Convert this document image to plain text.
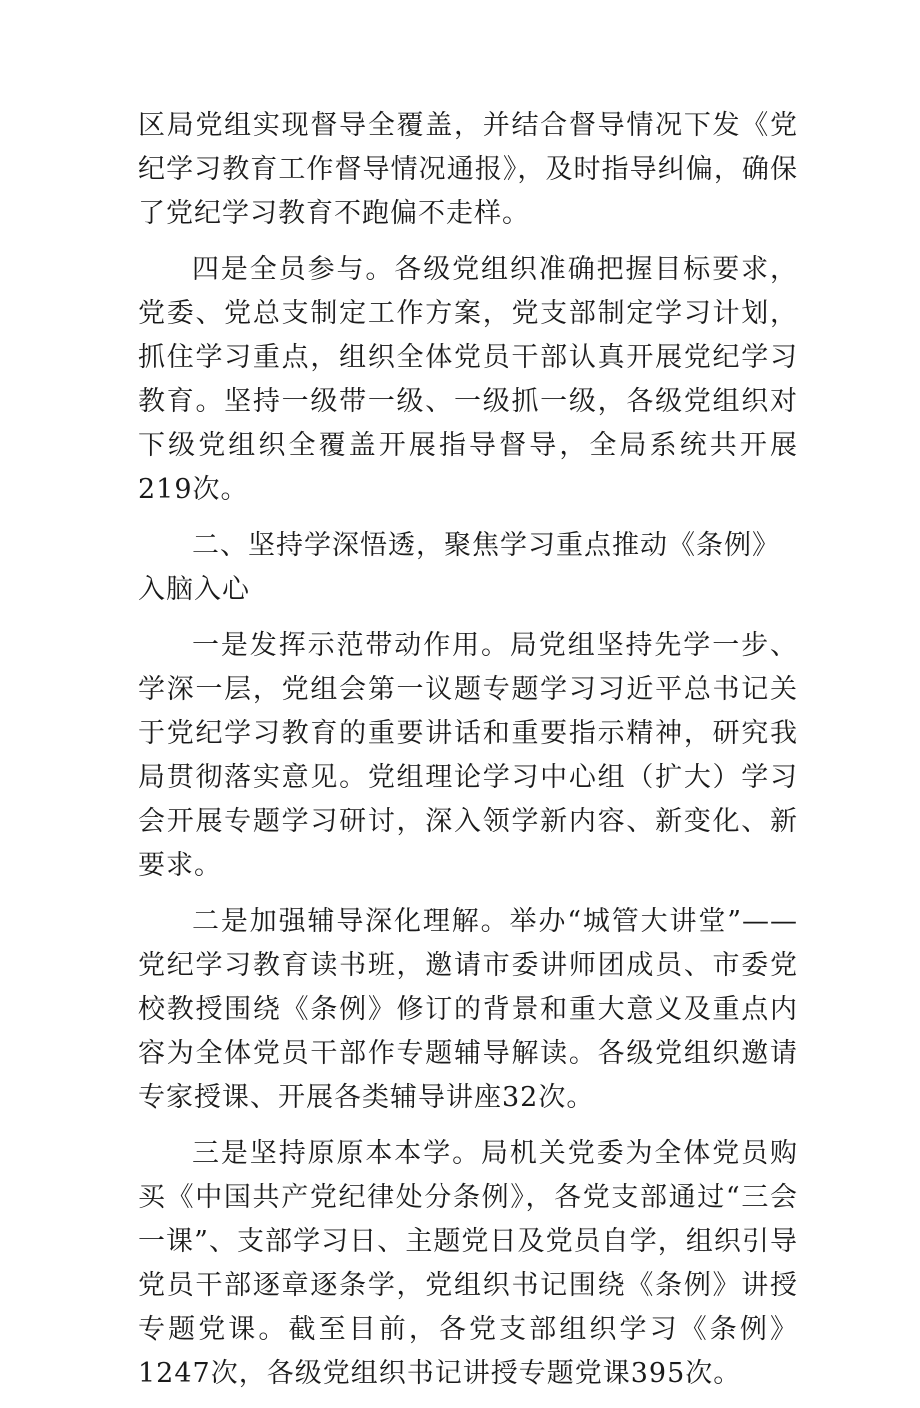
区局党组实现督导全覆盖，并结合督导情况下发《党纪学习教育工作督导情况通报》，及时指导纠偏，确保了党纪学习教育不跑偏不走样。

四是全员参与。各级党组织准确把握目标要求，党委、党总支制定工作方案，党支部制定学习计划，抓住学习重点，组织全体党员干部认真开展党纪学习教育。坚持一级带一级、一级抓一级，各级党组织对下级党组织全覆盖开展指导督导，全局系统共开展219次。

二、坚持学深悟透，聚焦学习重点推动《条例》入脑入心

一是发挥示范带动作用。局党组坚持先学一步、学深一层，党组会第一议题专题学习习近平总书记关于党纪学习教育的重要讲话和重要指示精神，研究我局贯彻落实意见。党组理论学习中心组（扩大）学习会开展专题学习研讨，深入领学新内容、新变化、新要求。

二是加强辅导深化理解。举办“城管大讲堂”——党纪学习教育读书班，邀请市委讲师团成员、市委党校教授围绕《条例》修订的背景和重大意义及重点内容为全体党员干部作专题辅导解读。各级党组织邀请专家授课、开展各类辅导讲座32次。

三是坚持原原本本学。局机关党委为全体党员购买《中国共产党纪律处分条例》，各党支部通过“三会一课”、支部学习日、主题党日及党员自学，组织引导党员干部逐章逐条学，党组织书记围绕《条例》讲授专题党课。截至目前，各党支部组织学习《条例》1247次，各级党组织书记讲授专题党课395次。
